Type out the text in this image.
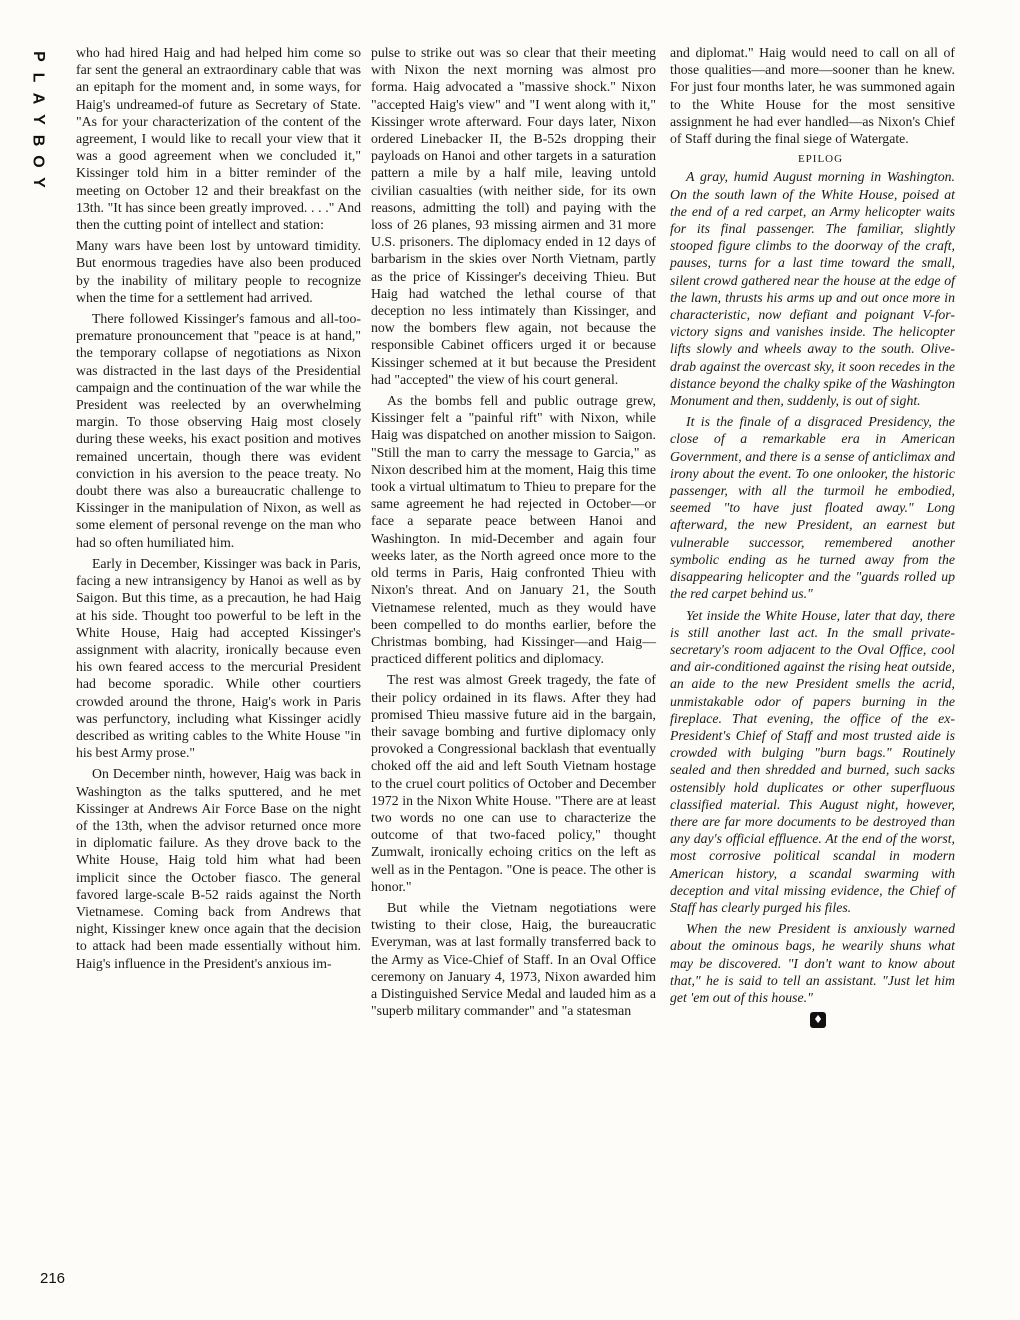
P
L
A
Y
B
O
Y
216

who had hired Haig and had helped him come so far sent the general an extraordinary cable that was an epitaph for the moment and, in some ways, for Haig's undreamed-of future as Secretary of State. "As for your characterization of the content of the agreement, I would like to recall your view that it was a good agreement when we concluded it," Kissinger told him in a bitter reminder of the meeting on October 12 and their breakfast on the 13th. "It has since been greatly improved. . . ." And then the cutting point of intellect and station:

Many wars have been lost by untoward timidity. But enormous tragedies have also been produced by the inability of military people to recognize when the time for a settlement had arrived.

There followed Kissinger's famous and all-too-premature pronouncement that "peace is at hand," the temporary collapse of negotiations as Nixon was distracted in the last days of the Presidential campaign and the continuation of the war while the President was reelected by an overwhelming margin. To those observing Haig most closely during these weeks, his exact position and motives remained uncertain, though there was evident conviction in his aversion to the peace treaty. No doubt there was also a bureaucratic challenge to Kissinger in the manipulation of Nixon, as well as some element of personal revenge on the man who had so often humiliated him.

Early in December, Kissinger was back in Paris, facing a new intransigency by Hanoi as well as by Saigon. But this time, as a precaution, he had Haig at his side. Thought too powerful to be left in the White House, Haig had accepted Kissinger's assignment with alacrity, ironically because even his own feared access to the mercurial President had become sporadic. While other courtiers crowded around the throne, Haig's work in Paris was perfunctory, including what Kissinger acidly described as writing cables to the White House "in his best Army prose."

On December ninth, however, Haig was back in Washington as the talks sputtered, and he met Kissinger at Andrews Air Force Base on the night of the 13th, when the advisor returned once more in diplomatic failure. As they drove back to the White House, Haig told him what had been implicit since the October fiasco. The general favored large-scale B-52 raids against the North Vietnamese. Coming back from Andrews that night, Kissinger knew once again that the decision to attack had been made essentially without him. Haig's influence in the President's anxious im-

pulse to strike out was so clear that their meeting with Nixon the next morning was almost pro forma. Haig advocated a "massive shock." Nixon "accepted Haig's view" and "I went along with it," Kissinger wrote afterward. Four days later, Nixon ordered Linebacker II, the B-52s dropping their payloads on Hanoi and other targets in a saturation pattern a mile by a half mile, leaving untold civilian casualties (with neither side, for its own reasons, admitting the toll) and paying with the loss of 26 planes, 93 missing airmen and 31 more U.S. prisoners. The diplomacy ended in 12 days of barbarism in the skies over North Vietnam, partly as the price of Kissinger's deceiving Thieu. But Haig had watched the lethal course of that deception no less intimately than Kissinger, and now the bombers flew again, not because the responsible Cabinet officers urged it or because Kissinger schemed at it but because the President had "accepted" the view of his court general.

As the bombs fell and public outrage grew, Kissinger felt a "painful rift" with Nixon, while Haig was dispatched on another mission to Saigon. "Still the man to carry the message to Garcia," as Nixon described him at the moment, Haig this time took a virtual ultimatum to Thieu to prepare for the same agreement he had rejected in October—or face a separate peace between Hanoi and Washington. In mid-December and again four weeks later, as the North agreed once more to the old terms in Paris, Haig confronted Thieu with Nixon's threat. And on January 21, the South Vietnamese relented, much as they would have been compelled to do months earlier, before the Christmas bombing, had Kissinger—and Haig—practiced different politics and diplomacy.

The rest was almost Greek tragedy, the fate of their policy ordained in its flaws. After they had promised Thieu massive future aid in the bargain, their savage bombing and furtive diplomacy only provoked a Congressional backlash that eventually choked off the aid and left South Vietnam hostage to the cruel court politics of October and December 1972 in the Nixon White House. "There are at least two words no one can use to characterize the outcome of that two-faced policy," thought Zumwalt, ironically echoing critics on the left as well as in the Pentagon. "One is peace. The other is honor."

But while the Vietnam negotiations were twisting to their close, Haig, the bureaucratic Everyman, was at last formally transferred back to the Army as Vice-Chief of Staff. In an Oval Office ceremony on January 4, 1973, Nixon awarded him a Distinguished Service Medal and lauded him as a "superb military commander" and "a statesman

and diplomat." Haig would need to call on all of those qualities—and more—sooner than he knew. For just four months later, he was summoned again to the White House for the most sensitive assignment he had ever handled—as Nixon's Chief of Staff during the final siege of Watergate.

EPILOG

A gray, humid August morning in Washington. On the south lawn of the White House, poised at the end of a red carpet, an Army helicopter waits for its final passenger. The familiar, slightly stooped figure climbs to the doorway of the craft, pauses, turns for a last time toward the small, silent crowd gathered near the house at the edge of the lawn, thrusts his arms up and out once more in characteristic, now defiant and poignant V-for-victory signs and vanishes inside. The helicopter lifts slowly and wheels away to the south. Olive-drab against the overcast sky, it soon recedes in the distance beyond the chalky spike of the Washington Monument and then, suddenly, is out of sight.

It is the finale of a disgraced Presidency, the close of a remarkable era in American Government, and there is a sense of anticlimax and irony about the event. To one onlooker, the historic passenger, with all the turmoil he embodied, seemed "to have just floated away." Long afterward, the new President, an earnest but vulnerable successor, remembered another symbolic ending as he turned away from the disappearing helicopter and the "guards rolled up the red carpet behind us."

Yet inside the White House, later that day, there is still another last act. In the small private-secretary's room adjacent to the Oval Office, cool and air-conditioned against the rising heat outside, an aide to the new President smells the acrid, unmistakable odor of papers burning in the fireplace. That evening, the office of the ex-President's Chief of Staff and most trusted aide is crowded with bulging "burn bags." Routinely sealed and then shredded and burned, such sacks ostensibly hold duplicates or other superfluous classified material. This August night, however, there are far more documents to be destroyed than any day's official effluence. At the end of the worst, most corrosive political scandal in modern American history, a scandal swarming with deception and vital missing evidence, the Chief of Staff has clearly purged his files.

When the new President is anxiously warned about the ominous bags, he wearily shuns what may be discovered. "I don't want to know about that," he is said to tell an assistant. "Just let him get 'em out of this house."

♦
